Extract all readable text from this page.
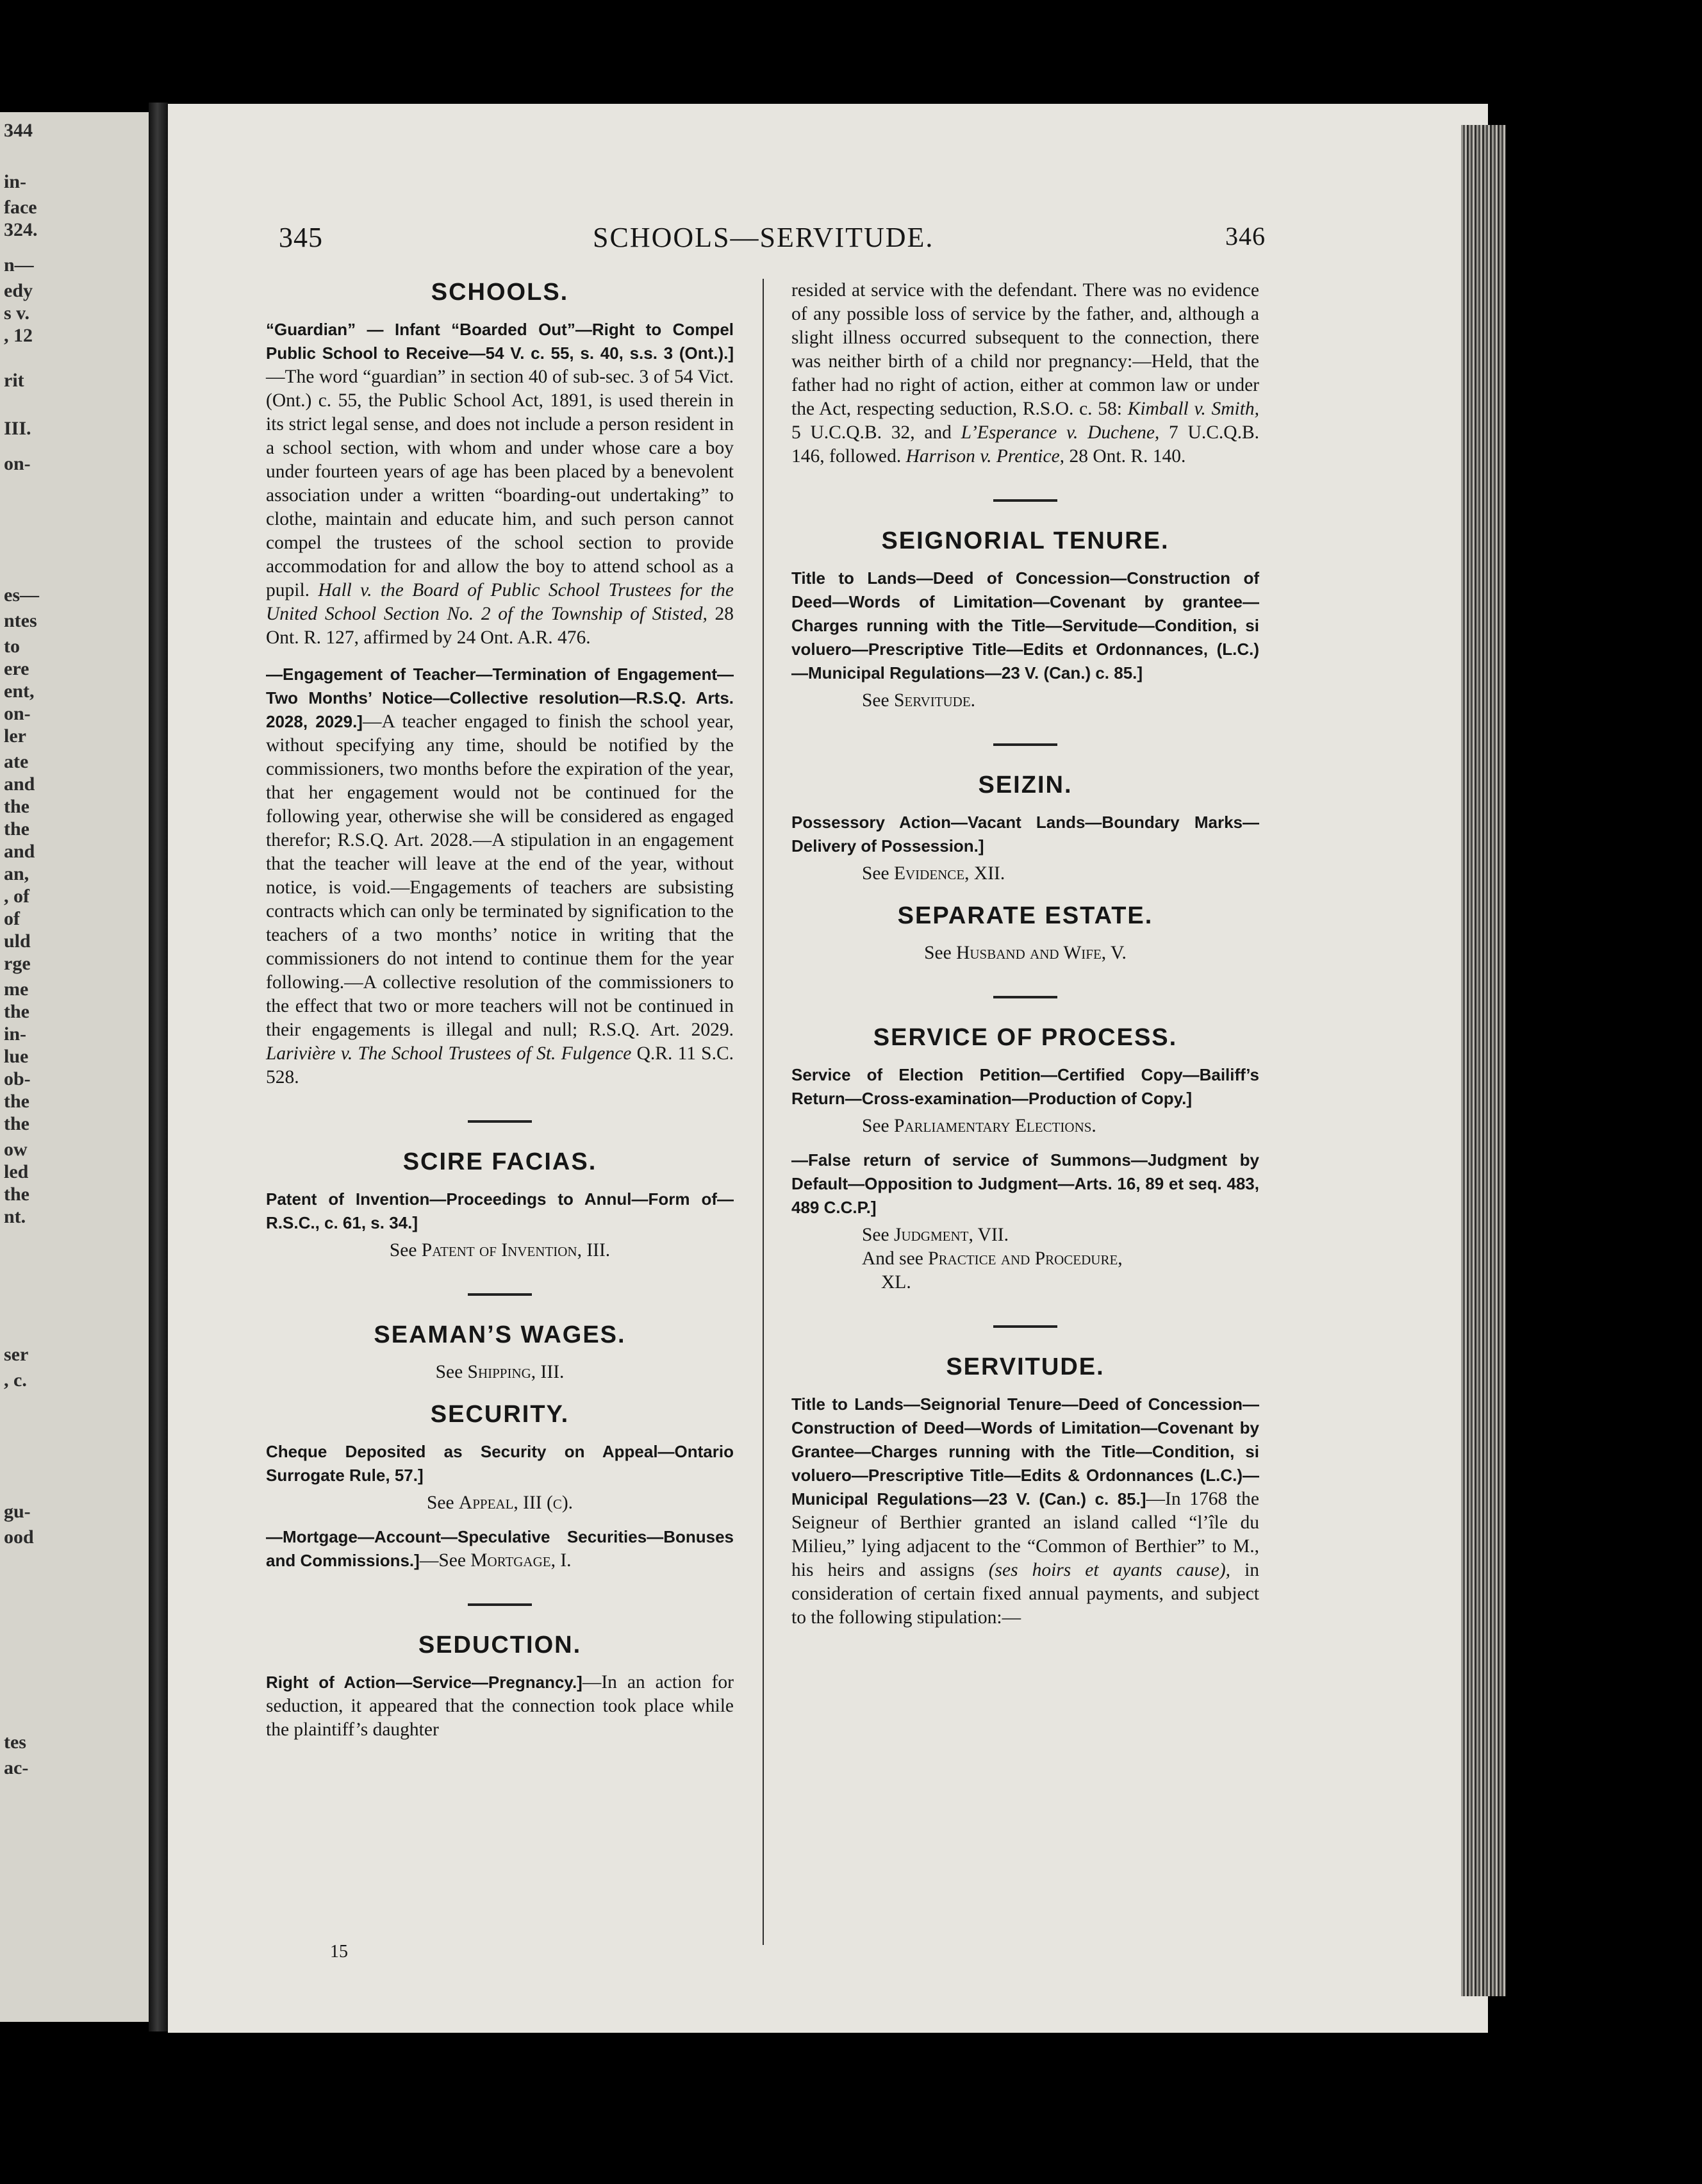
344
in-
face
324.
n—
edy
s v.
, 12
rit
III.
on-
es—
ntes
to
ere
ent,
on-
ler
ate
and
the
the
and
an,
, of
of
uld
rge
me
the
in-
lue
ob-
the
the
ow
led
the
nt.
ser
, c.
gu-
ood
tes
ac-
345	SCHOOLS—SERVITUDE.	346
SCHOOLS.

“Guardian” — Infant “Boarded Out”—Right to Compel Public School to Receive—54 V. c. 55, s. 40, s.s. 3 (Ont.).]—The word “guardian” in section 40 of sub-sec. 3 of 54 Vict. (Ont.) c. 55, the Public School Act, 1891, is used therein in its strict legal sense, and does not include a person resident in a school section, with whom and under whose care a boy under fourteen years of age has been placed by a benevolent association under a written “boarding-out undertaking” to clothe, maintain and educate him, and such person cannot compel the trustees of the school section to provide accommodation for and allow the boy to attend school as a pupil. Hall v. the Board of Public School Trustees for the United School Section No. 2 of the Township of Stisted, 28 Ont. R. 127, affirmed by 24 Ont. A.R. 476.

—Engagement of Teacher—Termination of Engagement—Two Months’ Notice—Collective resolution—R.S.Q. Arts. 2028, 2029.]—A teacher engaged to finish the school year, without specifying any time, should be notified by the commissioners, two months before the expiration of the year, that her engagement would not be continued for the following year, otherwise she will be considered as engaged therefor; R.S.Q. Art. 2028.—A stipulation in an engagement that the teacher will leave at the end of the year, without notice, is void.—Engagements of teachers are subsisting contracts which can only be terminated by signification to the teachers of a two months’ notice in writing that the commissioners do not intend to continue them for the year following.—A collective resolution of the commissioners to the effect that two or more teachers will not be continued in their engagements is illegal and null; R.S.Q. Art. 2029. Larivière v. The School Trustees of St. Fulgence Q.R. 11 S.C. 528.

SCIRE FACIAS.

Patent of Invention—Proceedings to Annul—Form of—R.S.C., c. 61, s. 34.]

See Patent of Invention, III.

SEAMAN’S WAGES.

See Shipping, III.

SECURITY.

Cheque Deposited as Security on Appeal—Ontario Surrogate Rule, 57.]

See Appeal, III (c).

—Mortgage—Account—Speculative Securities—Bonuses and Commissions.]—See Mortgage, I.

SEDUCTION.

Right of Action—Service—Pregnancy.]—In an action for seduction, it appeared that the connection took place while the plaintiff’s daughter

15

resided at service with the defendant. There was no evidence of any possible loss of service by the father, and, although a slight illness occurred subsequent to the connection, there was neither birth of a child nor pregnancy:—Held, that the father had no right of action, either at common law or under the Act, respecting seduction, R.S.O. c. 58: Kimball v. Smith, 5 U.C.Q.B. 32, and L’Esperance v. Duchene, 7 U.C.Q.B. 146, followed. Harrison v. Prentice, 28 Ont. R. 140.

SEIGNORIAL TENURE.

Title to Lands—Deed of Concession—Construction of Deed—Words of Limitation—Covenant by grantee—Charges running with the Title—Servitude—Condition, si voluero—Prescriptive Title—Edits et Ordonnances, (L.C.)—Municipal Regulations—23 V. (Can.) c. 85.]

See Servitude.

SEIZIN.

Possessory Action—Vacant Lands—Boundary Marks—Delivery of Possession.]

See Evidence, XII.

SEPARATE ESTATE.

See Husband and Wife, V.

SERVICE OF PROCESS.

Service of Election Petition—Certified Copy—Bailiff’s Return—Cross-examination—Production of Copy.]

See Parliamentary Elections.

—False return of service of Summons—Judgment by Default—Opposition to Judgment—Arts. 16, 89 et seq. 483, 489 C.C.P.]

See Judgment, VII.

And see Practice and Procedure,

XL.

SERVITUDE.

Title to Lands—Seignorial Tenure—Deed of Concession—Construction of Deed—Words of Limitation—Covenant by Grantee—Charges running with the Title—Condition, si voluero—Prescriptive Title—Edits & Ordonnances (L.C.)—Municipal Regulations—23 V. (Can.) c. 85.]—In 1768 the Seigneur of Berthier granted an island called “l’île du Milieu,” lying adjacent to the “Common of Berthier” to M., his heirs and assigns (ses hoirs et ayants cause), in consideration of certain fixed annual payments, and subject to the following stipulation:—
